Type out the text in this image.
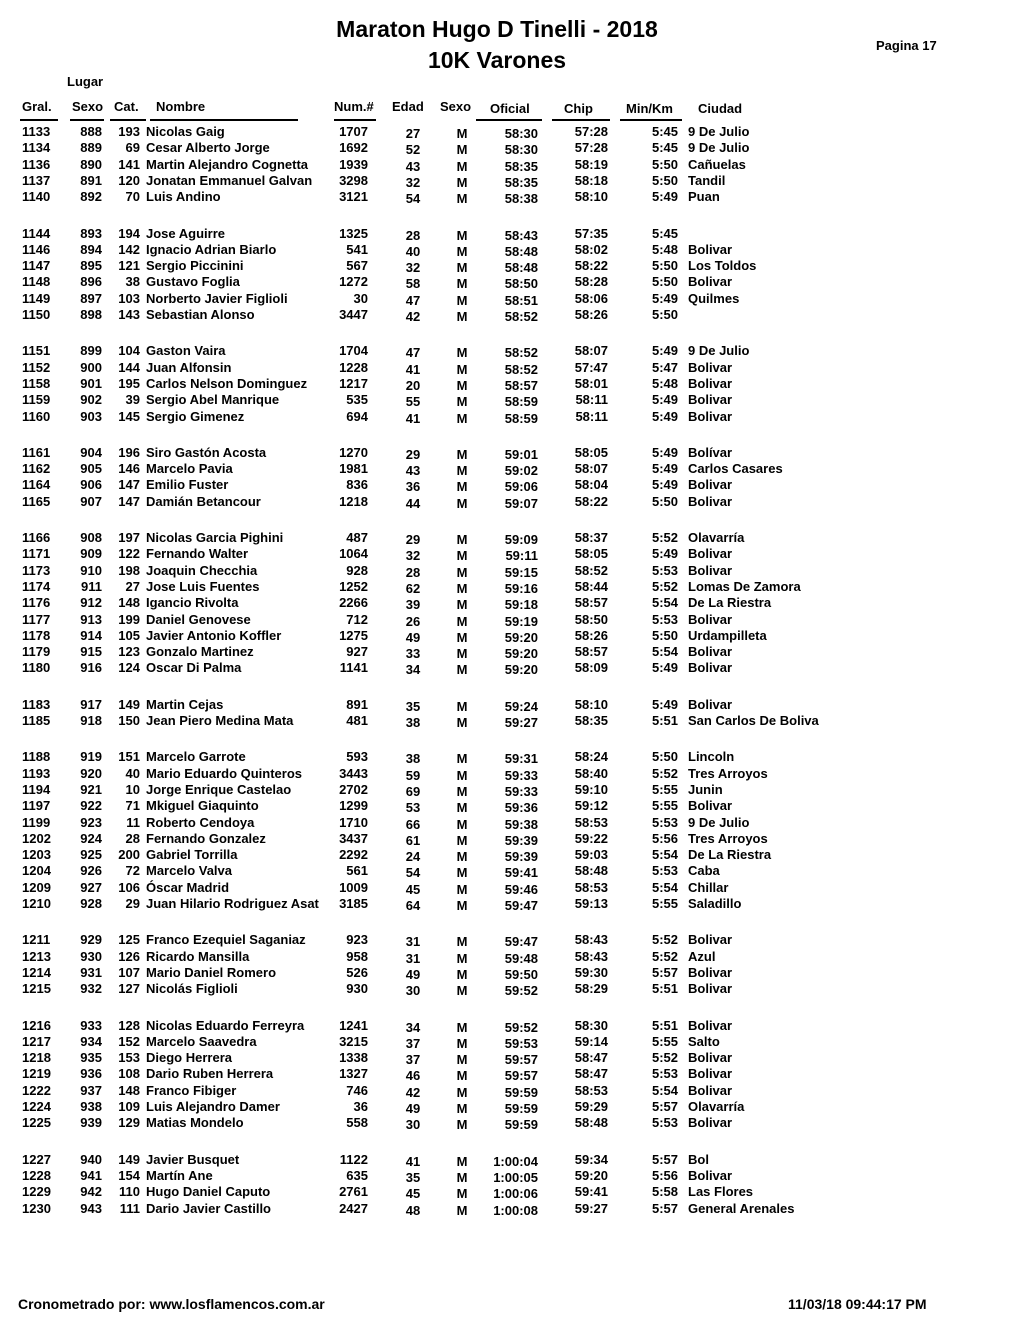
Maraton Hugo D Tinelli - 2018
10K Varones
Pagina 17
Lugar
Gral. Sexo Cat. Nombre	Num.# Edad Sexo Oficial	Chip	Min/Km Ciudad
1133	888	193 Nicolas Gaig	1707	27	M	58:30	57:28	5:45 9 De Julio
1134	889	69 Cesar Alberto Jorge	1692	52	M	58:30	57:28	5:45 9 De Julio
1136	890	141 Martin Alejandro Cognetta	1939	43	M	58:35	58:19	5:50 Cañuelas
1137	891	120 Jonatan Emmanuel Galvan	3298	32	M	58:35	58:18	5:50 Tandil
1140	892	70 Luis Andino	3121	54	M	58:38	58:10	5:49 Puan
1144	893	194 Jose Aguirre	1325	28	M	58:43	57:35	5:45
1146	894	142 Ignacio Adrian Biarlo	541	40	M	58:48	58:02	5:48 Bolivar
1147	895	121 Sergio Piccinini	567	32	M	58:48	58:22	5:50 Los Toldos
1148	896	38 Gustavo Foglia	1272	58	M	58:50	58:28	5:50 Bolivar
1149	897	103 Norberto Javier Figlioli	30	47	M	58:51	58:06	5:49 Quilmes
1150	898	143 Sebastian Alonso	3447	42	M	58:52	58:26	5:50
1151	899	104 Gaston Vaira	1704	47	M	58:52	58:07	5:49 9 De Julio
1152	900	144 Juan Alfonsin	1228	41	M	58:52	57:47	5:47 Bolivar
1158	901	195 Carlos Nelson Dominguez	1217	20	M	58:57	58:01	5:48 Bolivar
1159	902	39 Sergio Abel Manrique	535	55	M	58:59	58:11	5:49 Bolivar
1160	903	145 Sergio Gimenez	694	41	M	58:59	58:11	5:49 Bolivar
1161	904	196 Siro Gastón Acosta	1270	29	M	59:01	58:05	5:49 Bolívar
1162	905	146 Marcelo Pavia	1981	43	M	59:02	58:07	5:49 Carlos Casares
1164	906	147 Emilio Fuster	836	36	M	59:06	58:04	5:49 Bolivar
1165	907	147 Damián Betancour	1218	44	M	59:07	58:22	5:50 Bolivar
1166	908	197 Nicolas Garcia Pighini	487	29	M	59:09	58:37	5:52 Olavarría
1171	909	122 Fernando Walter	1064	32	M	59:11	58:05	5:49 Bolivar
1173	910	198 Joaquin Checchia	928	28	M	59:15	58:52	5:53 Bolivar
1174	911	27 Jose Luis Fuentes	1252	62	M	59:16	58:44	5:52 Lomas De Zamora
1176	912	148 Igancio Rivolta	2266	39	M	59:18	58:57	5:54 De La Riestra
1177	913	199 Daniel Genovese	712	26	M	59:19	58:50	5:53 Bolivar
1178	914	105 Javier Antonio Koffler	1275	49	M	59:20	58:26	5:50 Urdampilleta
1179	915	123 Gonzalo Martinez	927	33	M	59:20	58:57	5:54 Bolivar
1180	916	124 Oscar Di Palma	1141	34	M	59:20	58:09	5:49 Bolivar
1183	917	149 Martin Cejas	891	35	M	59:24	58:10	5:49 Bolivar
1185	918	150 Jean Piero Medina Mata	481	38	M	59:27	58:35	5:51 San Carlos De Boliva
1188	919	151 Marcelo Garrote	593	38	M	59:31	58:24	5:50 Lincoln
1193	920	40 Mario Eduardo Quinteros	3443	59	M	59:33	58:40	5:52 Tres Arroyos
1194	921	10 Jorge Enrique Castelao	2702	69	M	59:33	59:10	5:55 Junin
1197	922	71 Mkiguel Giaquinto	1299	53	M	59:36	59:12	5:55 Bolivar
1199	923	11 Roberto Cendoya	1710	66	M	59:38	58:53	5:53 9 De Julio
1202	924	28 Fernando Gonzalez	3437	61	M	59:39	59:22	5:56 Tres Arroyos
1203	925	200 Gabriel Torrilla	2292	24	M	59:39	59:03	5:54 De La Riestra
1204	926	72 Marcelo Valva	561	54	M	59:41	58:48	5:53 Caba
1209	927	106 Óscar Madrid	1009	45	M	59:46	58:53	5:54 Chillar
1210	928	29 Juan Hilario Rodriguez Asat	3185	64	M	59:47	59:13	5:55 Saladillo
1211	929	125 Franco Ezequiel Saganiaz	923	31	M	59:47	58:43	5:52 Bolivar
1213	930	126 Ricardo Mansilla	958	31	M	59:48	58:43	5:52 Azul
1214	931	107 Mario Daniel Romero	526	49	M	59:50	59:30	5:57 Bolivar
1215	932	127 Nicolás Figlioli	930	30	M	59:52	58:29	5:51 Bolivar
1216	933	128 Nicolas Eduardo Ferreyra	1241	34	M	59:52	58:30	5:51 Bolivar
1217	934	152 Marcelo Saavedra	3215	37	M	59:53	59:14	5:55 Salto
1218	935	153 Diego Herrera	1338	37	M	59:57	58:47	5:52 Bolivar
1219	936	108 Dario Ruben Herrera	1327	46	M	59:57	58:47	5:53 Bolivar
1222	937	148 Franco Fibiger	746	42	M	59:59	58:53	5:54 Bolivar
1224	938	109 Luis Alejandro Damer	36	49	M	59:59	59:29	5:57 Olavarría
1225	939	129 Matias Mondelo	558	30	M	59:59	58:48	5:53 Bolivar
1227	940	149 Javier Busquet	1122	41	M	1:00:04	59:34	5:57 Bol
1228	941	154 Martín Ane	635	35	M	1:00:05	59:20	5:56 Bolivar
1229	942	110 Hugo Daniel Caputo	2761	45	M	1:00:06	59:41	5:58 Las Flores
1230	943	111 Dario Javier Castillo	2427	48	M	1:00:08	59:27	5:57 General Arenales
Cronometrado por: www.losflamencos.com.ar	11/03/18 09:44:17 PM
